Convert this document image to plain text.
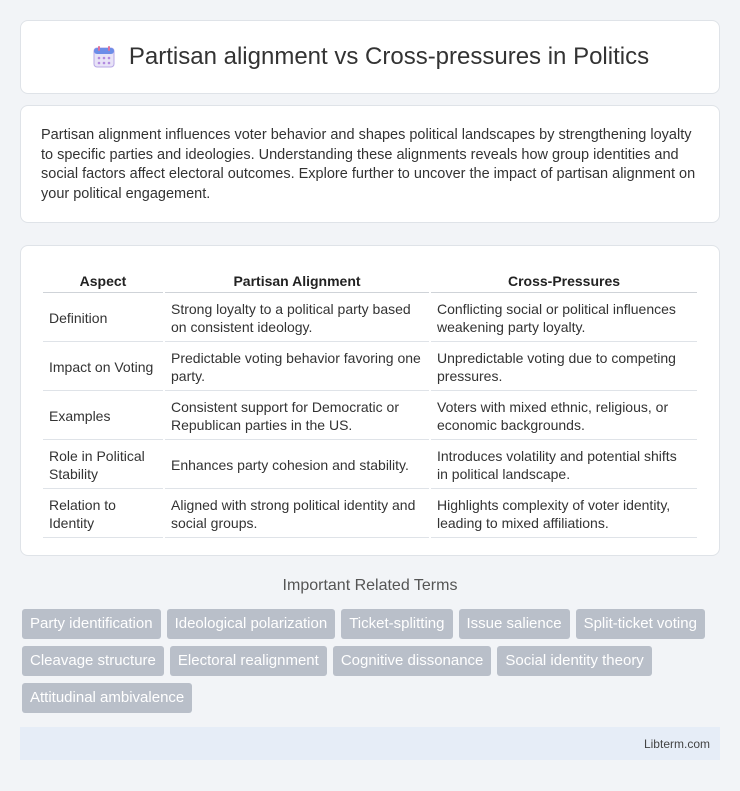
Partisan alignment vs Cross-pressures in Politics

Partisan alignment influences voter behavior and shapes political landscapes by strengthening loyalty to specific parties and ideologies. Understanding these alignments reveals how group identities and social factors affect electoral outcomes. Explore further to uncover the impact of partisan alignment on your political engagement.

Aspect	Partisan Alignment	Cross-Pressures
Definition	Strong loyalty to a political party based on consistent ideology.	Conflicting social or political influences weakening party loyalty.
Impact on Voting	Predictable voting behavior favoring one party.	Unpredictable voting due to competing pressures.
Examples	Consistent support for Democratic or Republican parties in the US.	Voters with mixed ethnic, religious, or economic backgrounds.
Role in Political Stability	Enhances party cohesion and stability.	Introduces volatility and potential shifts in political landscape.
Relation to Identity	Aligned with strong political identity and social groups.	Highlights complexity of voter identity, leading to mixed affiliations.
Important Related Terms
Party identification	Ideological polarization	Ticket-splitting	Issue salience	Split-ticket voting
Cleavage structure	Electoral realignment	Cognitive dissonance	Social identity theory
Attitudinal ambivalence
Libterm.com
